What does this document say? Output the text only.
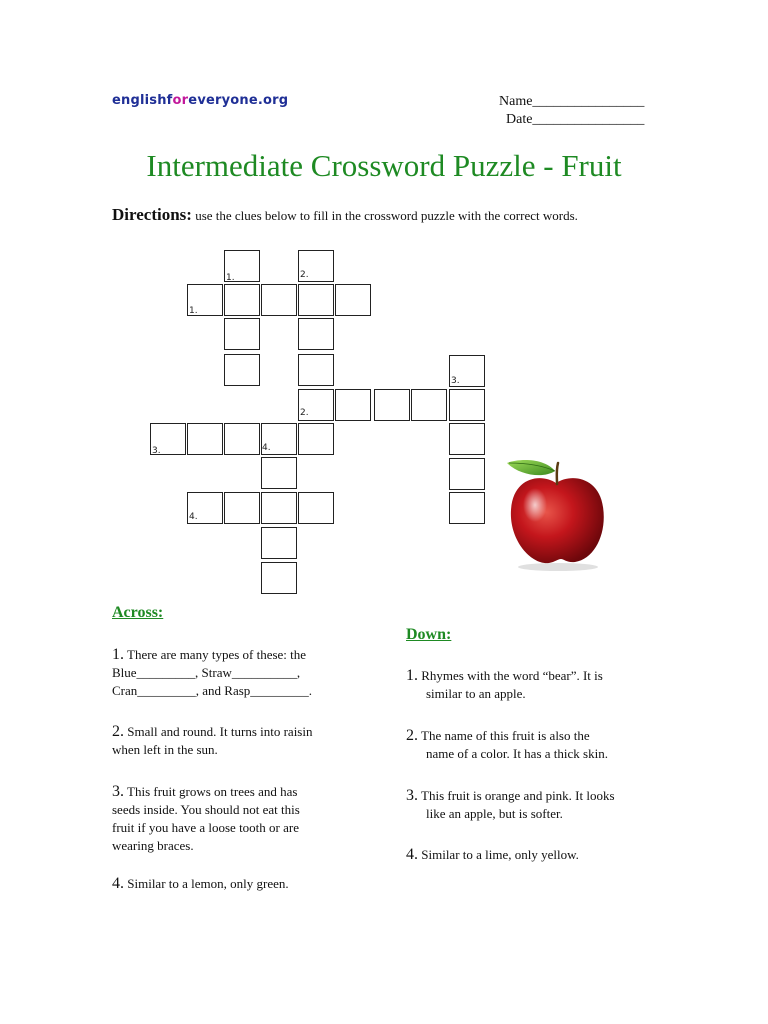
englishforeveryone.org	Name________________
Date________________
Intermediate Crossword Puzzle - Fruit
Directions: use the clues below to fill in the crossword puzzle with the correct words.
1.	2.
1.
3.
2.
3.	4.
4.
Across:
1. There are many types of these: the
Blue_________, Straw__________,
Cran_________, and Rasp_________.
2. Small and round. It turns into raisin
when left in the sun.
3. This fruit grows on trees and has
seeds inside. You should not eat this
fruit if you have a loose tooth or are
wearing braces.
4. Similar to a lemon, only green.
Down:
1. Rhymes with the word “bear”. It is
similar to an apple.
2. The name of this fruit is also the
name of a color. It has a thick skin.
3. This fruit is orange and pink. It looks
like an apple, but is softer.
4. Similar to a lime, only yellow.
